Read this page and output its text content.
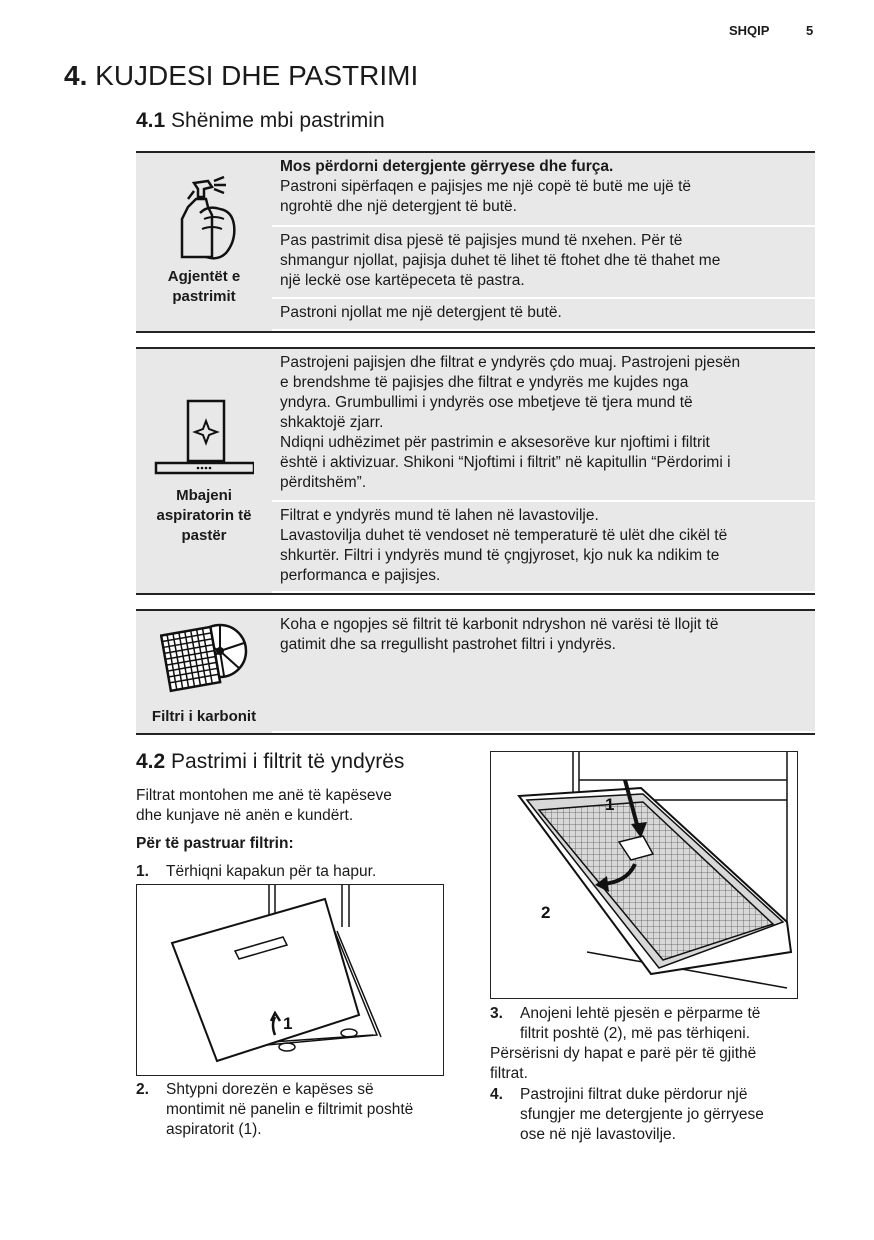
SHQIP	5
4. KUJDESI DHE PASTRIMI
4.1 Shënime mbi pastrimin
Agjentët e
pastrimit
Mos përdorni detergjente gërryese dhe furça.
Pastroni sipërfaqen e pajisjes me një copë të butë me ujë të
ngrohtë dhe një detergjent të butë.
Pas pastrimit disa pjesë të pajisjes mund të nxehen. Për të
shmangur njollat, pajisja duhet të lihet të ftohet dhe të thahet me
një leckë ose kartëpeceta të pastra.
Pastroni njollat me një detergjent të butë.
Mbajeni
aspiratorin të
pastër
Pastrojeni pajisjen dhe filtrat e yndyrës çdo muaj. Pastrojeni pjesën
e brendshme të pajisjes dhe filtrat e yndyrës me kujdes nga
yndyra. Grumbullimi i yndyrës ose mbetjeve të tjera mund të
shkaktojë zjarr.
Ndiqni udhëzimet për pastrimin e aksesorëve kur njoftimi i filtrit
është i aktivizuar. Shikoni “Njoftimi i filtrit” në kapitullin “Përdorimi i
përditshëm”.
Filtrat e yndyrës mund të lahen në lavastovilje.
Lavastovilja duhet të vendoset në temperaturë të ulët dhe cikël të
shkurtër. Filtri i yndyrës mund të çngjyroset, kjo nuk ka ndikim te
performanca e pajisjes.
Filtri i karbonit
Koha e ngopjes së filtrit të karbonit ndryshon në varësi të llojit të
gatimit dhe sa rregullisht pastrohet filtri i yndyrës.
4.2 Pastrimi i filtrit të yndyrës
Filtrat montohen me anë të kapëseve
dhe kunjave në anën e kundërt.
Për të pastruar filtrin:
1. Tërhiqni kapakun për ta hapur.
1
2. Shtypni dorezën e kapëses së
montimit në panelin e filtrimit poshtë
aspiratorit (1).
1
2
3. Anojeni lehtë pjesën e përparme të
filtrit poshtë (2), më pas tërhiqeni.
Përsërisni dy hapat e parë për të gjithë
filtrat.
4. Pastrojini filtrat duke përdorur një
sfungjer me detergjente jo gërryese
ose në një lavastovilje.
